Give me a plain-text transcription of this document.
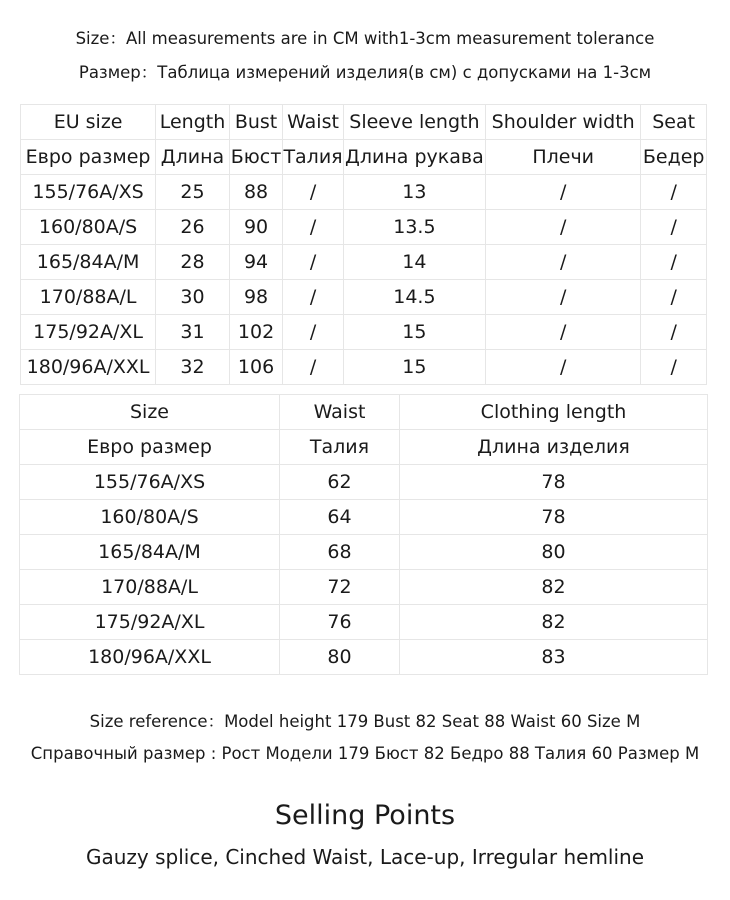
Size：All measurements are in CM with1-3cm measurement tolerance
Размер：Таблица измерений изделия(в см) с допусками на 1-3см
EU size	Length	Bust	Waist	Sleeve length	Shoulder width	Seat
Евро размер	Длина	Бюст	Талия	Длина рукава	Плечи	Бедер
155/76A/XS	25	88	/	13	/	/
160/80A/S	26	90	/	13.5	/	/
165/84A/M	28	94	/	14	/	/
170/88A/L	30	98	/	14.5	/	/
175/92A/XL	31	102	/	15	/	/
180/96A/XXL	32	106	/	15	/	/
Size	Waist	Clothing length
Евро размер	Талия	Длина изделия
155/76A/XS	62	78
160/80A/S	64	78
165/84A/M	68	80
170/88A/L	72	82
175/92A/XL	76	82
180/96A/XXL	80	83
Size reference：Model height 179 Bust 82 Seat 88 Waist 60 Size M
Справочный размер : Рост Модели 179 Бюст 82 Бедро 88 Талия 60 Размер M
Selling Points
Gauzy splice, Cinched Waist, Lace-up, Irregular hemline
